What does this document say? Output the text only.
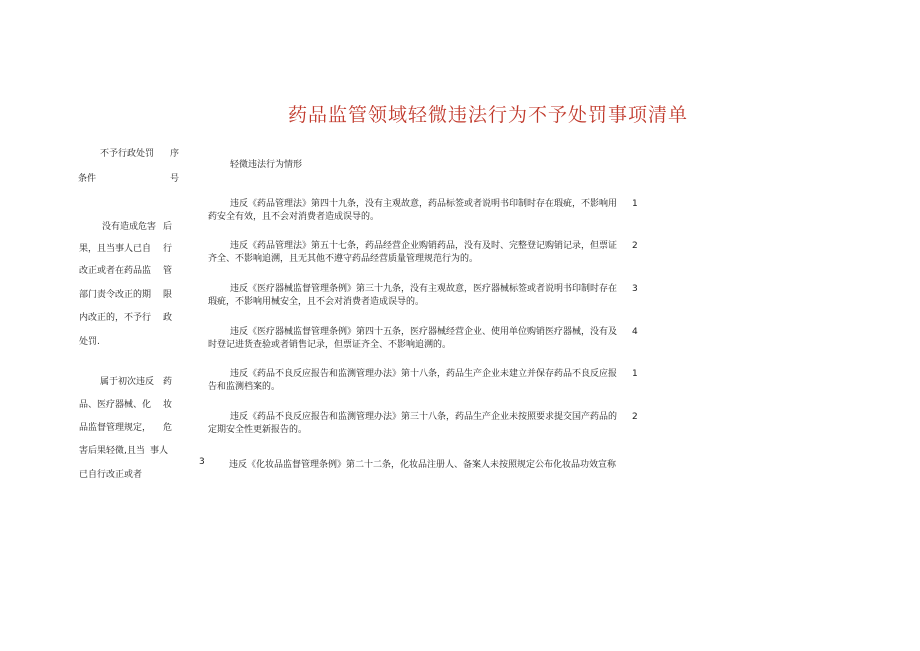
药品监管领域轻微违法行为不予处罚事项清单
不予行政处罚
条件
序
号
轻微违法行为情形
没有造成危害
果，且当事人已自
改正或者在药品监
部门责令改正的期
内改正的，不予行
处罚.
后
行
管
限
政
属于初次违反
品、医疗器械、化
品监督管理规定，
害后果轻微,且当
已自行改正或者
药
妆
危
事人

违反《药品管理法》第四十九条，没有主观故意，药品标签或者说明书印制时存在瑕疵，不影响用

药安全有效，且不会对消费者造成误导的。

违反《药品管理法》第五十七条，药品经营企业购销药品，没有及时、完整登记购销记录，但票证

齐全、不影响追溯，且无其他不遵守药品经营质量管理规范行为的。

违反《医疗器械监督管理条例》第三十九条，没有主观故意，医疗器械标签或者说明书印制时存在

瑕疵，不影响用械安全，且不会对消费者造成误导的。

违反《医疗器械监督管理条例》第四十五条，医疗器械经营企业、使用单位购销医疗器械，没有及

时登记进货查验或者销售记录，但票证齐全、不影响追溯的。

违反《药品不良反应报告和监测管理办法》第十八条，药品生产企业未建立并保存药品不良反应报

告和监测档案的。

违反《药品不良反应报告和监测管理办法》第三十八条，药品生产企业未按照要求提交国产药品的

定期安全性更新报告的。

1
2
3
4
1
2
3	违反《化妆品监督管理条例》第二十二条，化妆品注册人、备案人未按照规定公布化妆品功效宣称
